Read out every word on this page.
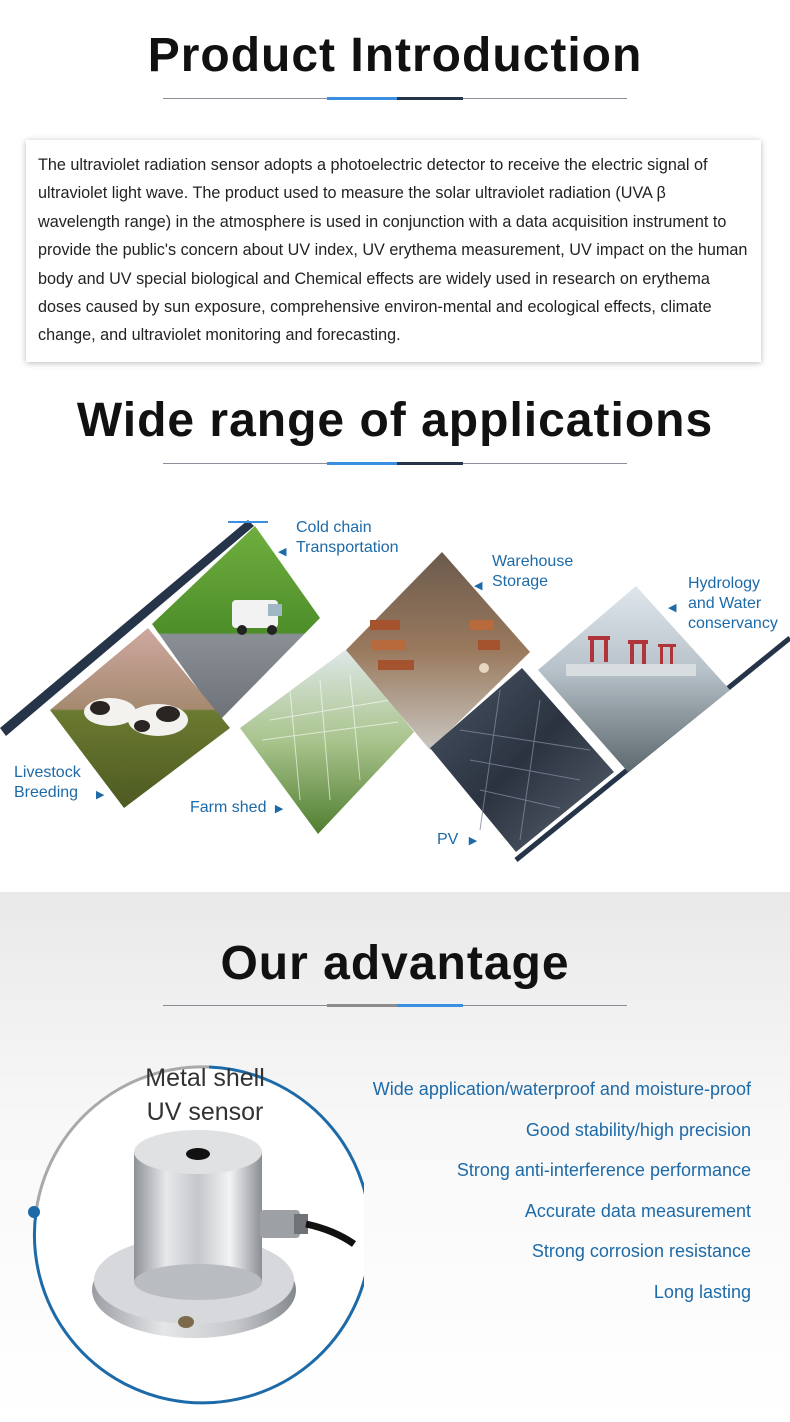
Product Introduction

The ultraviolet radiation sensor adopts a photoelectric detector to receive the electric signal of ultraviolet light wave. The product used to measure the solar ultraviolet radiation (UVA β wavelength range) in the atmosphere is used in conjunction with a data acquisition instrument to provide the public's concern about UV index, UV erythema measurement, UV impact on the human body and UV special biological and Chemical effects are widely used in research on erythema doses caused by sun exposure, comprehensive environ-mental and ecological effects, climate change, and ultraviolet monitoring and forecasting.

Wide range of applications
◀
Cold chain Transportation
◀
Warehouse Storage
◀
Hydrology and Water conservancy
Livestock Breeding	▶
Farm shed ▶
PV ▶
Our advantage
Metal shell
UV sensor
Wide application/waterproof and moisture-proof
Good stability/high precision
Strong anti-interference performance
Accurate data measurement
Strong corrosion resistance
Long lasting
